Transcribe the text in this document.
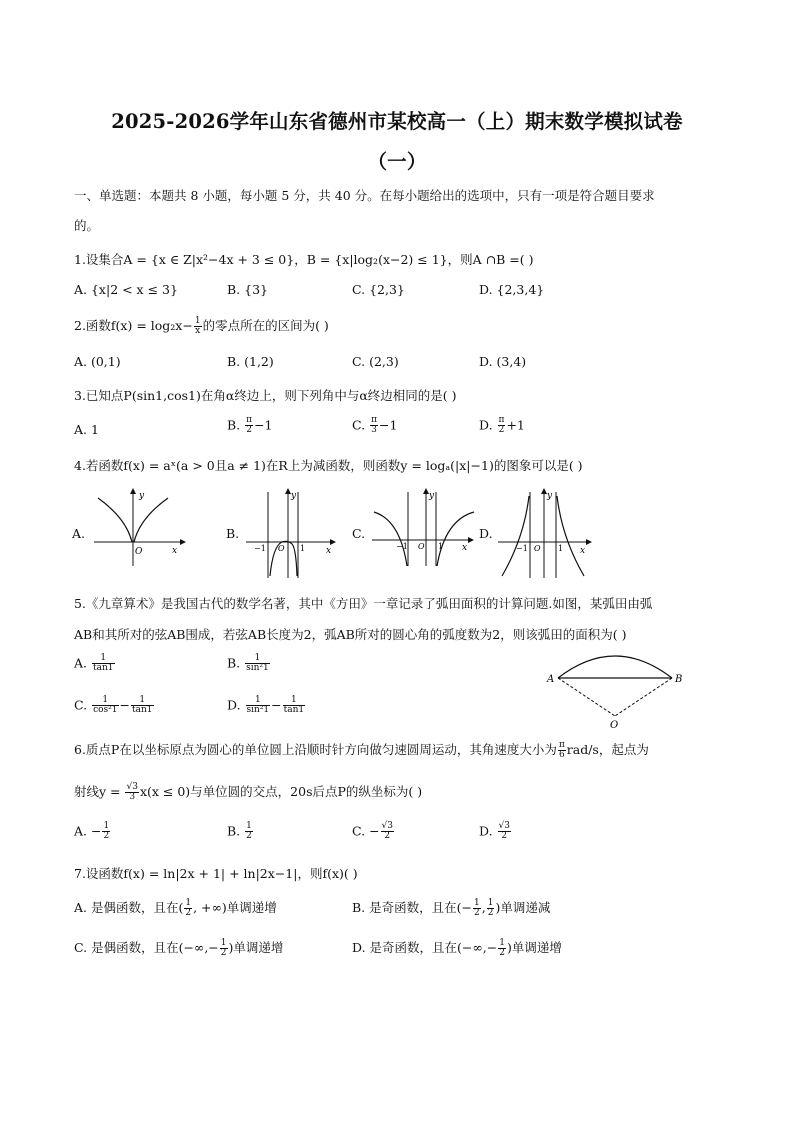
2025-2026学年山东省德州市某校高一（上）期末数学模拟试卷
（一）
一、单选题：本题共 8 小题，每小题 5 分，共 40 分。在每小题给出的选项中，只有一项是符合题目要求
的。
1.设集合A = {x ∈ Z|x²−4x + 3 ≤ 0}，B = {x|log₂(x−2) ≤ 1}，则A ∩B =( )
A. {x|2 < x ≤ 3}	B. {3}	C. {2,3}	D. {2,3,4}
2.函数$f(x) = \log_2x- \frac{1}{x}$ 的零点所在的区间为( )
A. (0,1)	B. (1,2)	C. (2,3)	D. (3,4)
3.已知点P(sin1,cos1)在角α终边上，则下列角中与α终边相同的是( )
A. 1	B. $\frac{\pi}{2} -1$	C. $\frac{\pi}{3} -1$	D. $\frac{\pi}{2} +1$
4.若函数f(x) = aˣ(a > 0且a ≠ 1)在R上为减函数，则函数y = logₐ(|x|−1)的图象可以是( )
A.
y
O	x
B.
y
−1 O 1 x
C.
y
−1 O 1 x
D.
y
−1 O 1 x
5.《九章算术》是我国古代的数学名著，其中《方田》一章记录了弧田面积的计算问题.如图，某弧田由弧
AB和其所对的弦AB围成，若弦AB长度为2，弧AB所对的圆心角的弧度数为2，则该弧田的面积为( )
A. $\frac{1}{\tan 1}$	B. $\frac{1}{\text{sin²1}}$
C. $\frac{1}{\text{cos²1}} - \frac{1}{\tan 1}$	D. $\frac{1}{\text{sin²1}} - \frac{1}{\tan 1}$
A	B
O
6.质点P在以坐标原点为圆心的单位圆上沿顺时针方向做匀速圆周运动，其角速度大小为 $\frac{\pi}{6} rad/s$，起点为
射线$y = \frac{√3}{3} x(x \le 0)$与单位圆的交点，20s后点P的纵坐标为( )
A. − $\frac{1}{2}$	B. $\frac{1}{2}$	C. − $\frac{√3}{2}$	D. $\frac{√3}{2}$
7.设函数f(x) = ln|2x + 1| + ln|2x−1|，则f(x)( )
A. 是偶函数，且在( $\frac{1}{2}$ , +∞)单调递增	B. 是奇函数，且在(− $\frac{1}{2}$ , $\frac{1}{2}$ )单调递减
C. 是偶函数，且在(−∞,− $\frac{1}{2}$ )单调递增	D. 是奇函数，且在(−∞,− $\frac{1}{2}$ )单调递增
